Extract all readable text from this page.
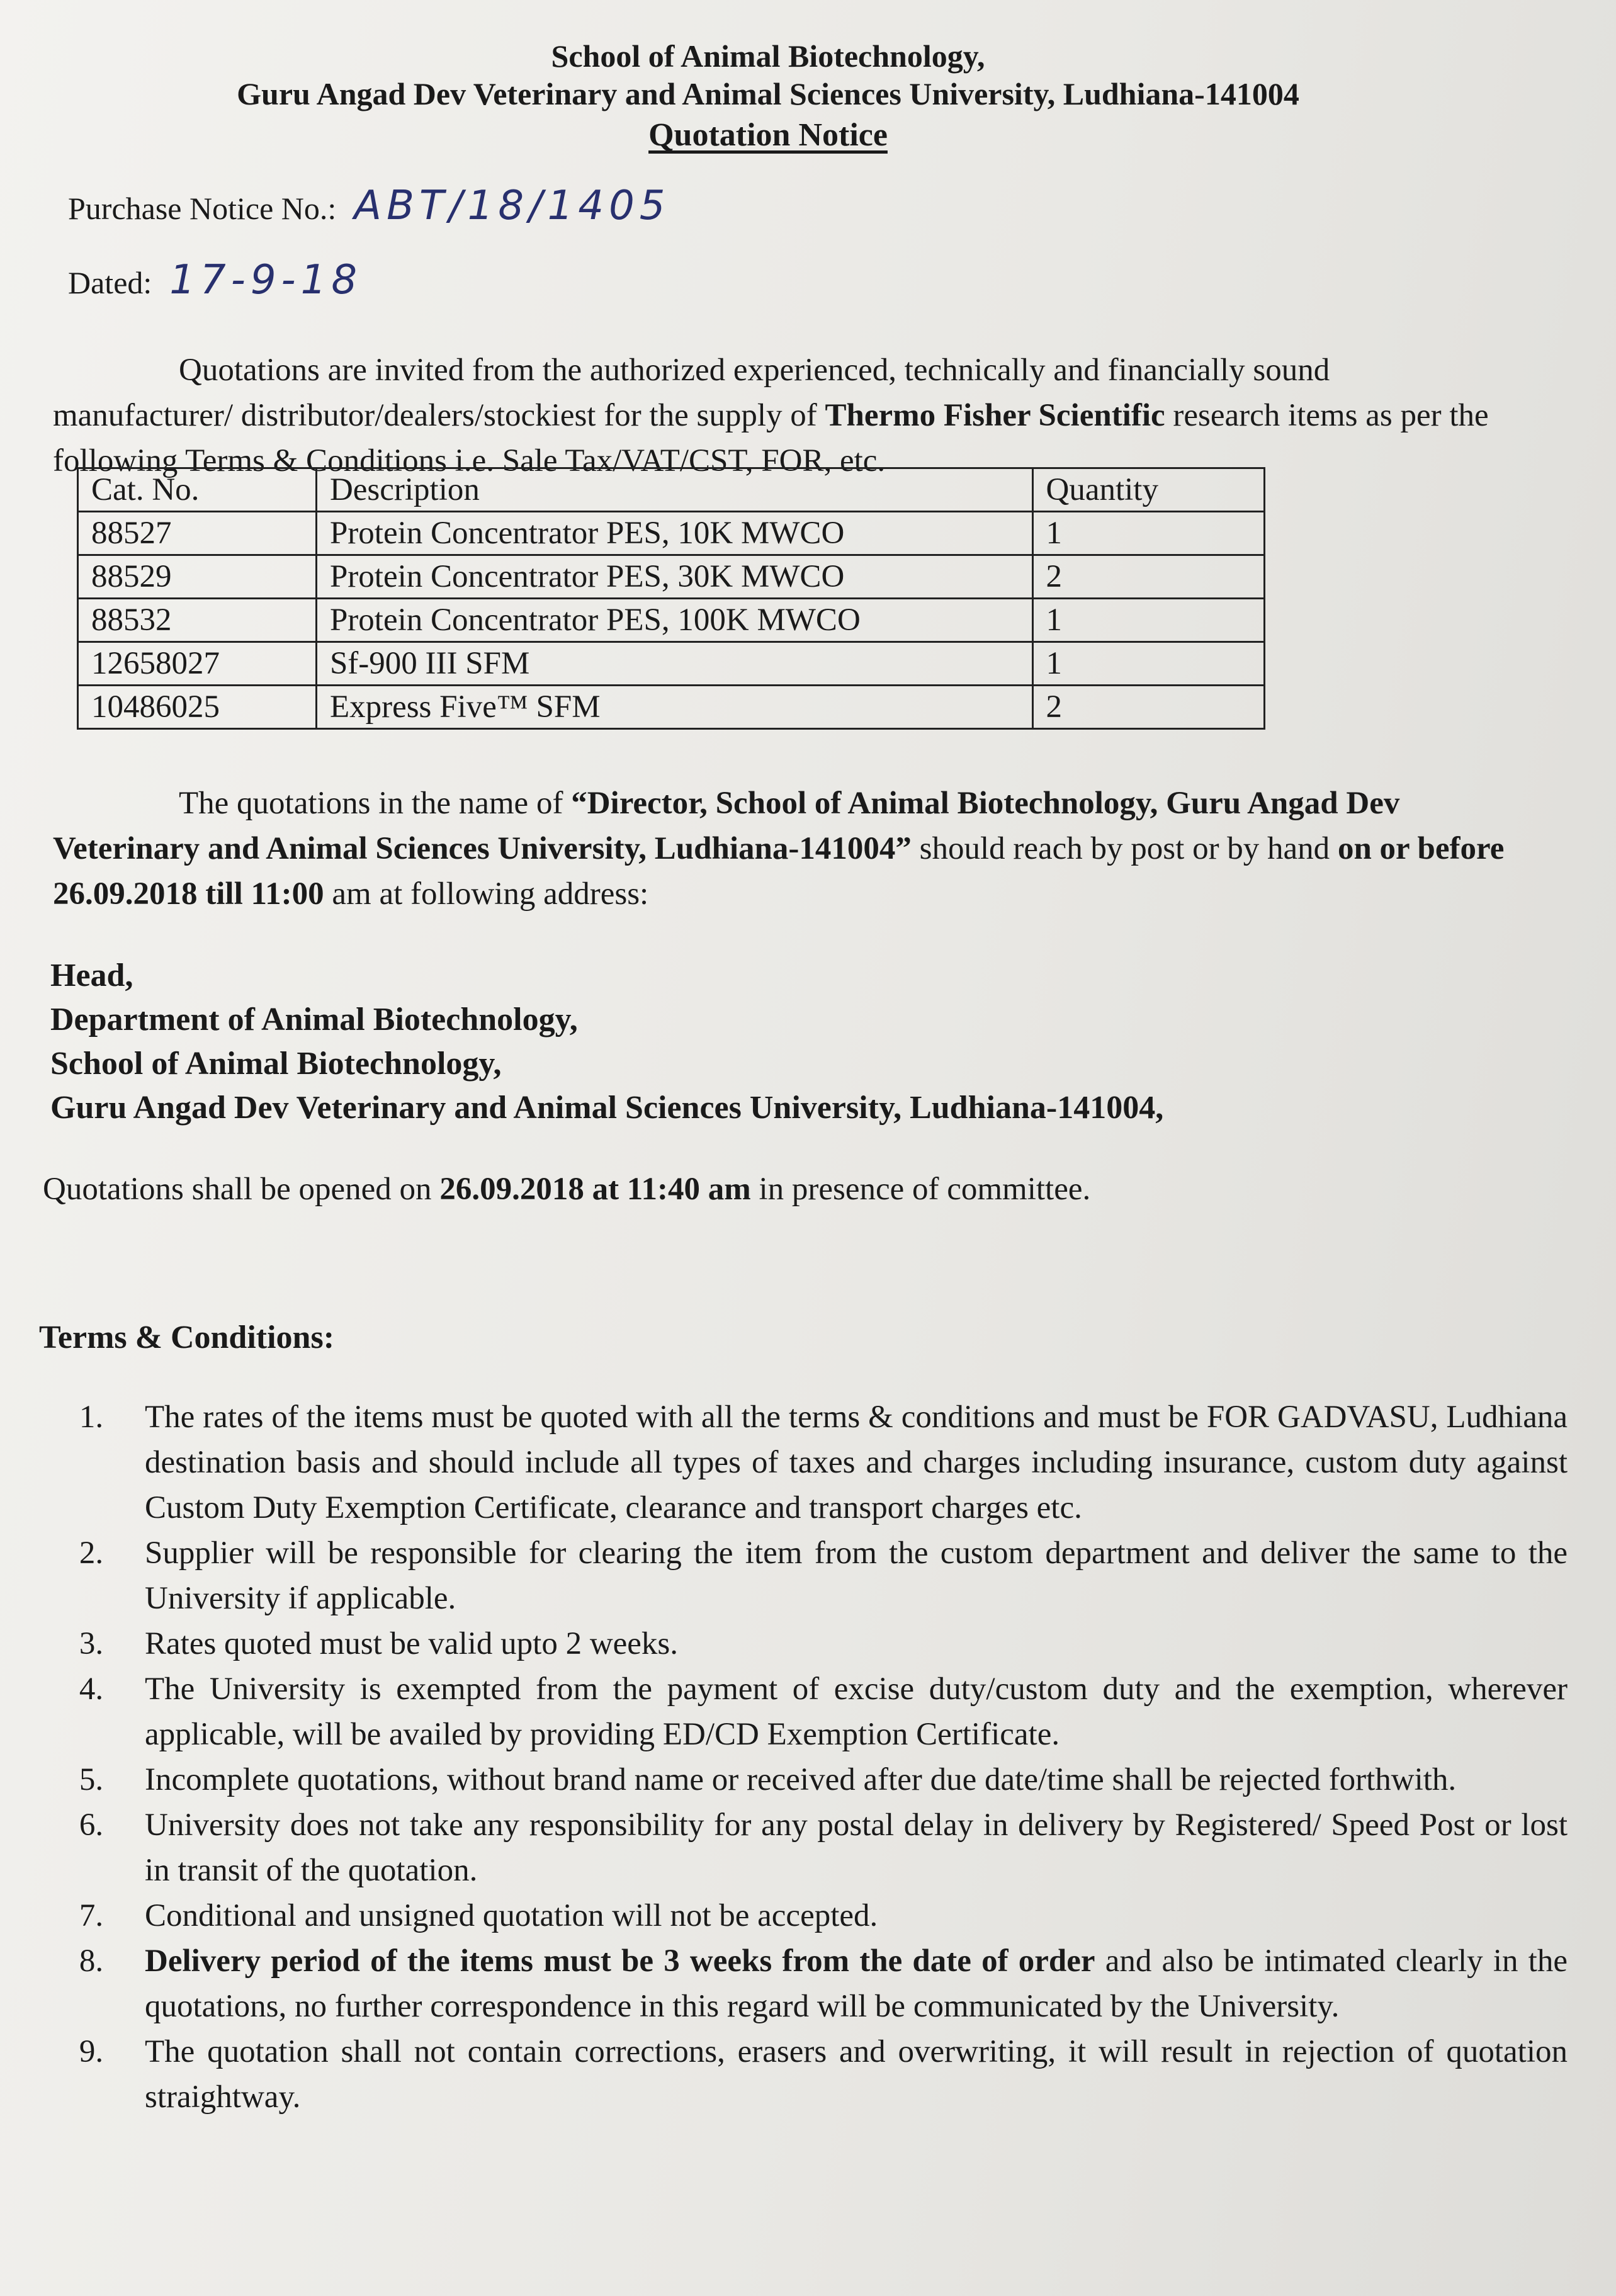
School of Animal Biotechnology,
Guru Angad Dev Veterinary and Animal Sciences University, Ludhiana-141004
Quotation Notice
Purchase Notice No.: ABT/18/1405
Dated: 17-9-18
Quotations are invited from the authorized experienced, technically and financially sound manufacturer/ distributor/dealers/stockiest for the supply of Thermo Fisher Scientific research items as per the following Terms & Conditions i.e. Sale Tax/VAT/CST, FOR, etc.
Cat. No.	Description	Quantity
88527	Protein Concentrator PES, 10K MWCO	1
88529	Protein Concentrator PES, 30K MWCO	2
88532	Protein Concentrator PES, 100K MWCO	1
12658027	Sf-900 III SFM	1
10486025	Express Five™ SFM	2
The quotations in the name of “Director, School of Animal Biotechnology, Guru Angad Dev Veterinary and Animal Sciences University, Ludhiana-141004” should reach by post or by hand on or before 26.09.2018 till 11:00 am at following address:
Head,
Department of Animal Biotechnology,
School of Animal Biotechnology,
Guru Angad Dev Veterinary and Animal Sciences University, Ludhiana-141004,
Quotations shall be opened on 26.09.2018 at 11:40 am in presence of committee.
Terms & Conditions:
1.	The rates of the items must be quoted with all the terms & conditions and must be FOR GADVASU, Ludhiana destination basis and should include all types of taxes and charges including insurance, custom duty against Custom Duty Exemption Certificate, clearance and transport charges etc.
2.	Supplier will be responsible for clearing the item from the custom department and deliver the same to the University if applicable.
3.	Rates quoted must be valid upto 2 weeks.
4.	The University is exempted from the payment of excise duty/custom duty and the exemption, wherever applicable, will be availed by providing ED/CD Exemption Certificate.
5.	Incomplete quotations, without brand name or received after due date/time shall be rejected forthwith.
6.	University does not take any responsibility for any postal delay in delivery by Registered/ Speed Post or lost in transit of the quotation.
7.	Conditional and unsigned quotation will not be accepted.
8.	Delivery period of the items must be 3 weeks from the date of order and also be intimated clearly in the quotations, no further correspondence in this regard will be communicated by the University.
9.	The quotation shall not contain corrections, erasers and overwriting, it will result in rejection of quotation straightway.
